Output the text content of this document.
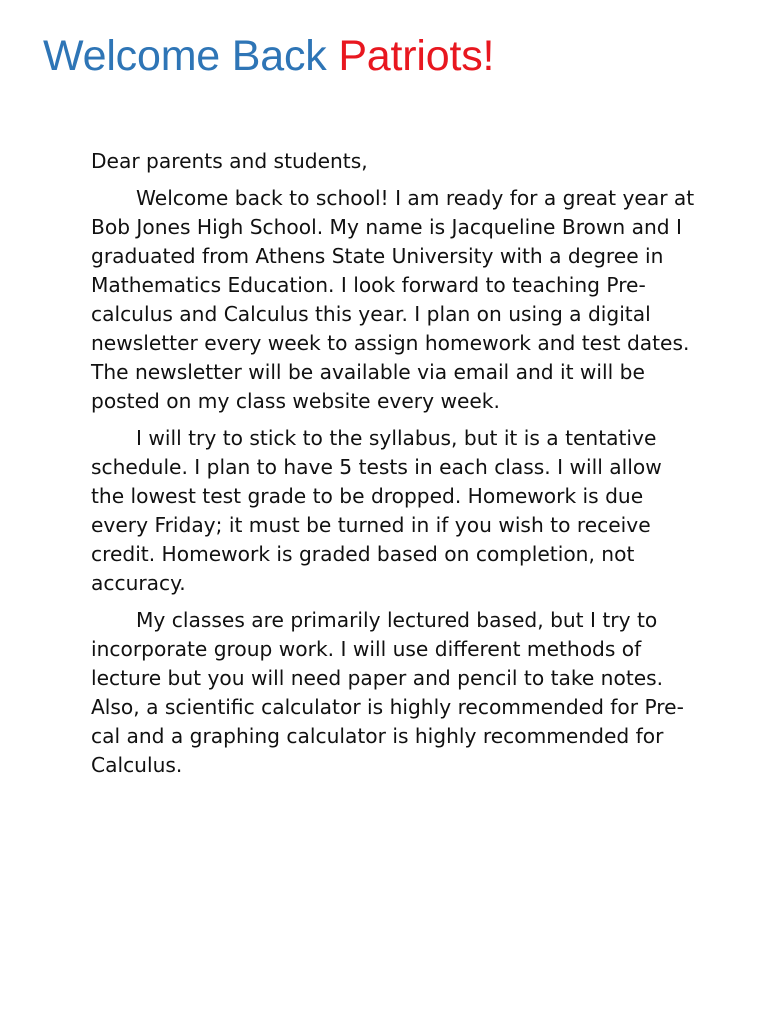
Welcome Back Patriots!

Dear parents and students,

Welcome back to school! I am ready for a great year at Bob Jones High School. My name is Jacqueline Brown and I graduated from Athens State University with a degree in Mathematics Education. I look forward to teaching Pre-calculus and Calculus this year. I plan on using a digital newsletter every week to assign homework and test dates. The newsletter will be available via email and it will be posted on my class website every week.

I will try to stick to the syllabus, but it is a tentative schedule. I plan to have 5 tests in each class. I will allow the lowest test grade to be dropped. Homework is due every Friday; it must be turned in if you wish to receive credit. Homework is graded based on completion, not accuracy.

My classes are primarily lectured based, but I try to incorporate group work. I will use different methods of lecture but you will need paper and pencil to take notes. Also, a scientific calculator is highly recommended for Pre-cal and a graphing calculator is highly recommended for Calculus.
